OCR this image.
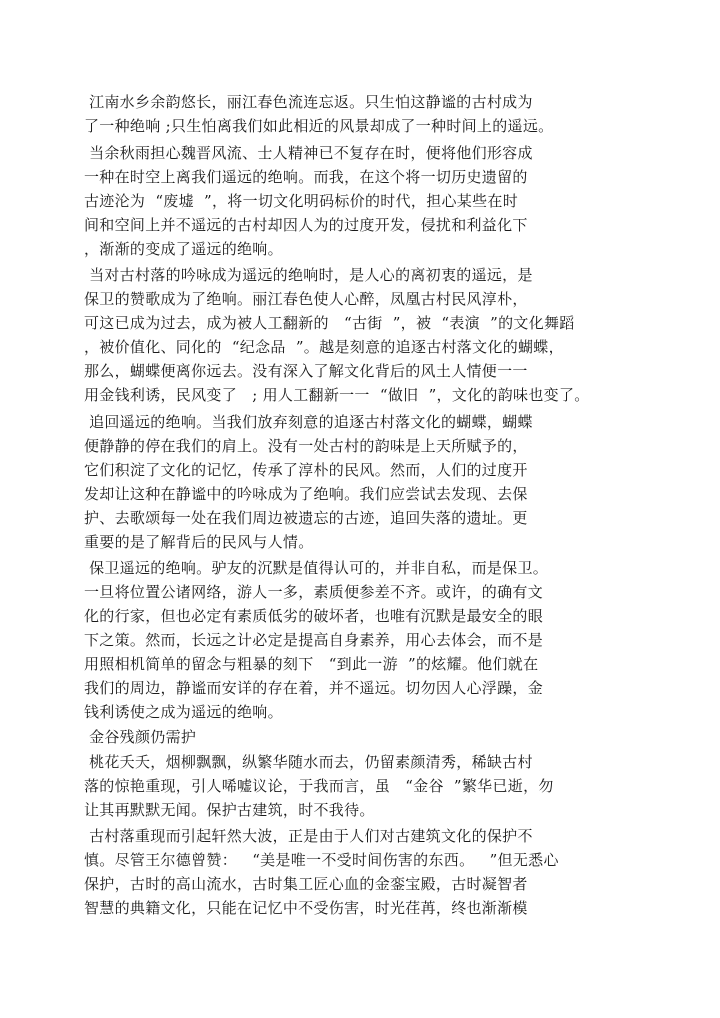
江南水乡余韵悠长，丽江春色流连忘返。只生怕这静谧的古村成为
了一种绝响 ;只生怕离我们如此相近的风景却成了一种时间上的遥远。
当余秋雨担心魏晋风流、士人精神已不复存在时，便将他们形容成
一种在时空上离我们遥远的绝响。而我，在这个将一切历史遗留的
古迹沦为  “废墟  ”，将一切文化明码标价的时代，担心某些在时
间和空间上并不遥远的古村却因人为的过度开发，侵扰和利益化下
，渐渐的变成了遥远的绝响。
当对古村落的吟咏成为遥远的绝响时，是人心的离初衷的遥远，是
保卫的赞歌成为了绝响。丽江春色使人心醉，凤凰古村民风淳朴，
可这已成为过去，成为被人工翻新的   “古街  ”，被  “表演  ”的文化舞蹈
，被价值化、同化的  “纪念品  ”。越是刻意的追逐古村落文化的蝴蝶，
那么，蝴蝶便离你远去。没有深入了解文化背后的风土人情便一一
用金钱利诱，民风变了   ; 用人工翻新一一  “做旧  ”，文化的韵味也变了。
追回遥远的绝响。当我们放弃刻意的追逐古村落文化的蝴蝶，蝴蝶
便静静的停在我们的肩上。没有一处古村的韵味是上天所赋予的，
它们积淀了文化的记忆，传承了淳朴的民风。然而，人们的过度开
发却让这种在静谧中的吟咏成为了绝响。我们应尝试去发现、去保
护、去歌颂每一处在我们周边被遗忘的古迹，追回失落的遗址。更
重要的是了解背后的民风与人情。
保卫遥远的绝响。驴友的沉默是值得认可的，并非自私，而是保卫。
一旦将位置公诸网络，游人一多，素质便参差不齐。或许，的确有文
化的行家，但也必定有素质低劣的破坏者，也唯有沉默是最安全的眼
下之策。然而，长远之计必定是提高自身素养，用心去体会，而不是
用照相机简单的留念与粗暴的刻下   “到此一游  ”的炫耀。他们就在
我们的周边，静谧而安详的存在着，并不遥远。切勿因人心浮躁，金
钱利诱使之成为遥远的绝响。
金谷残颜仍需护
桃花夭夭，烟柳飘飘，纵繁华随水而去，仍留素颜清秀，稀缺古村
落的惊艳重现，引人唏嘘议论，于我而言，虽   “金谷  ”繁华已逝，勿
让其再默默无闻。保护古建筑，时不我待。
古村落重现而引起轩然大波，正是由于人们对古建筑文化的保护不
慎。尽管王尔德曾赞：   “美是唯一不受时间伤害的东西。   ”但无悉心
保护，古时的高山流水，古时集工匠心血的金銮宝殿，古时凝智者
智慧的典籍文化，只能在记忆中不受伤害，时光荏苒，终也渐渐模
